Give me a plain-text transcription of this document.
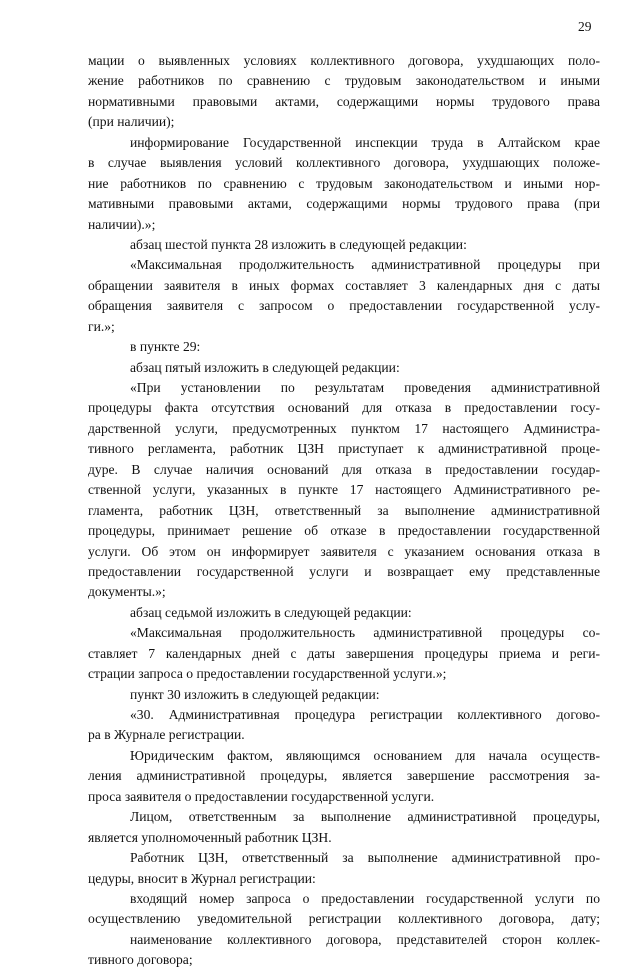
29
мации о выявленных условиях коллективного договора, ухудшающих поло-
жение работников по сравнению с трудовым законодательством и иными
нормативными правовыми актами, содержащими нормы трудового права
(при наличии);
информирование Государственной инспекции труда в Алтайском крае
в случае выявления условий коллективного договора, ухудшающих положе-
ние работников по сравнению с трудовым законодательством и иными нор-
мативными правовыми актами, содержащими нормы трудового права (при
наличии).»;
абзац шестой пункта 28 изложить в следующей редакции:
«Максимальная продолжительность административной процедуры при
обращении заявителя в иных формах составляет 3 календарных дня с даты
обращения заявителя с запросом о предоставлении государственной услу-
ги.»;
в пункте 29:
абзац пятый изложить в следующей редакции:
«При установлении по результатам проведения административной
процедуры факта отсутствия оснований для отказа в предоставлении госу-
дарственной услуги, предусмотренных пунктом 17 настоящего Администра-
тивного регламента, работник ЦЗН приступает к административной проце-
дуре. В случае наличия оснований для отказа в предоставлении государ-
ственной услуги, указанных в пункте 17 настоящего Административного ре-
гламента, работник ЦЗН, ответственный за выполнение административной
процедуры, принимает решение об отказе в предоставлении государственной
услуги. Об этом он информирует заявителя с указанием основания отказа в
предоставлении государственной услуги и возвращает ему представленные
документы.»;
абзац седьмой изложить в следующей редакции:
«Максимальная продолжительность административной процедуры со-
ставляет 7 календарных дней с даты завершения процедуры приема и реги-
страции запроса о предоставлении государственной услуги.»;
пункт 30 изложить в следующей редакции:
«30. Административная процедура регистрации коллективного догово-
ра в Журнале регистрации.
Юридическим фактом, являющимся основанием для начала осуществ-
ления административной процедуры, является завершение рассмотрения за-
проса заявителя о предоставлении государственной услуги.
Лицом, ответственным за выполнение административной процедуры,
является уполномоченный работник ЦЗН.
Работник ЦЗН, ответственный за выполнение административной про-
цедуры, вносит в Журнал регистрации:
входящий номер запроса о предоставлении государственной услуги по
осуществлению уведомительной регистрации коллективного договора, дату;
наименование коллективного договора, представителей сторон коллек-
тивного договора;
